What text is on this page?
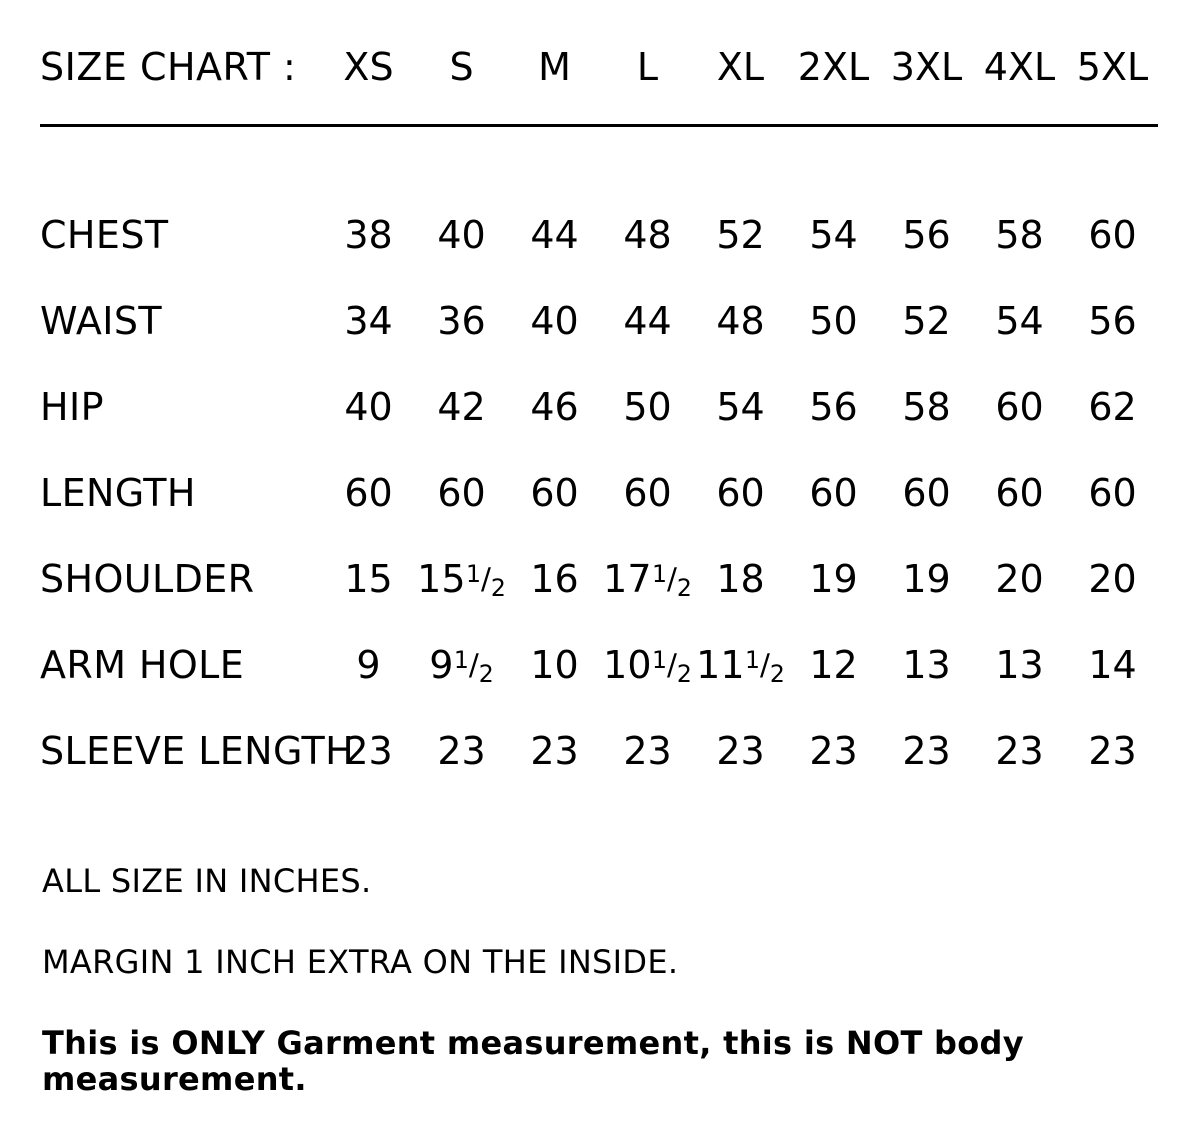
SIZE CHART :	XS	S	M	L	XL	2XL	3XL	4XL	5XL

CHEST	38	40	44	48	52	54	56	58	60
WAIST	34	36	40	44	48	50	52	54	56
HIP	40	42	46	50	54	56	58	60	62
LENGTH	60	60	60	60	60	60	60	60	60
SHOULDER	15	151/2	16	171/2	18	19	19	20	20
ARM HOLE	9	91/2	10	101/2	111/2	12	13	13	14
SLEEVE LENGTH	23	23	23	23	23	23	23	23	23

ALL SIZE IN INCHES.

MARGIN 1 INCH EXTRA ON THE INSIDE.

This is ONLY Garment measurement, this is NOT body measurement.
